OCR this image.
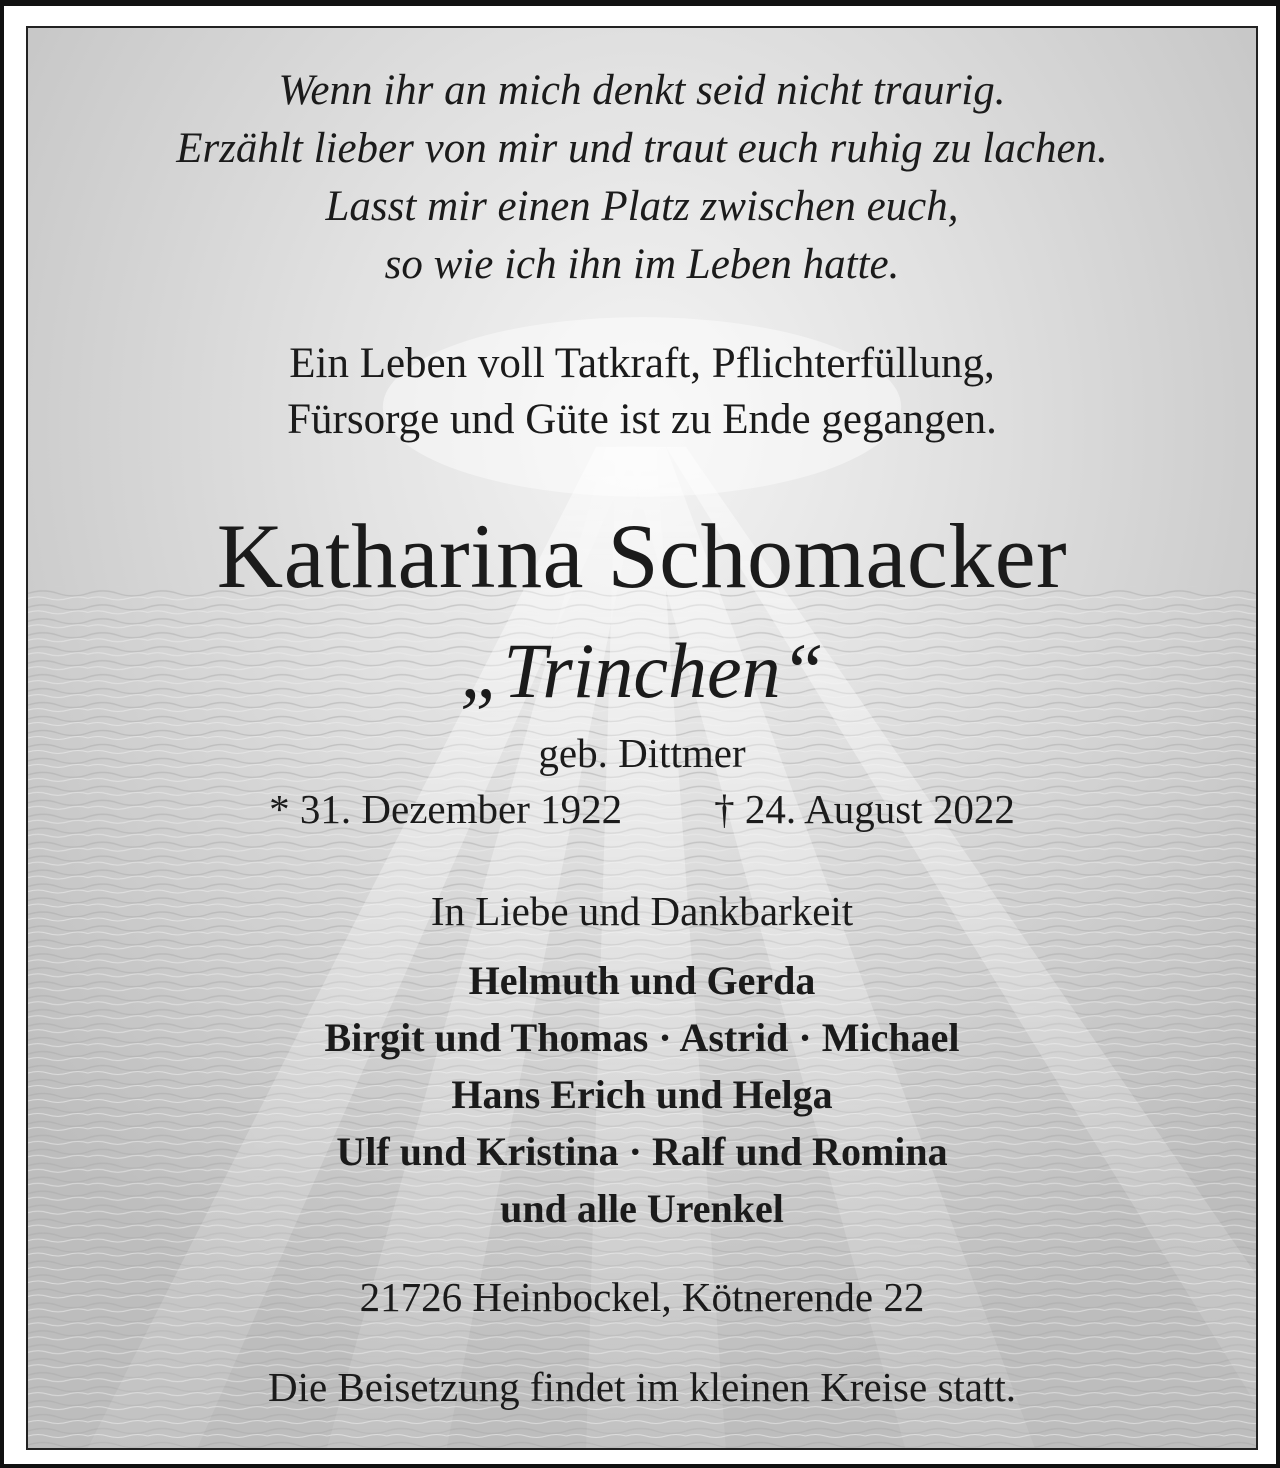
Wenn ihr an mich denkt seid nicht traurig.
Erzählt lieber von mir und traut euch ruhig zu lachen.
Lasst mir einen Platz zwischen euch,
so wie ich ihn im Leben hatte.
Ein Leben voll Tatkraft, Pflichterfüllung,
Fürsorge und Güte ist zu Ende gegangen.
Katharina Schomacker
„Trinchen“
geb. Dittmer
* 31. Dezember 1922 † 24. August 2022
In Liebe und Dankbarkeit
Helmuth und Gerda
Birgit und Thomas · Astrid · Michael
Hans Erich und Helga
Ulf und Kristina · Ralf und Romina
und alle Urenkel
21726 Heinbockel, Kötnerende 22
Die Beisetzung findet im kleinen Kreise statt.
